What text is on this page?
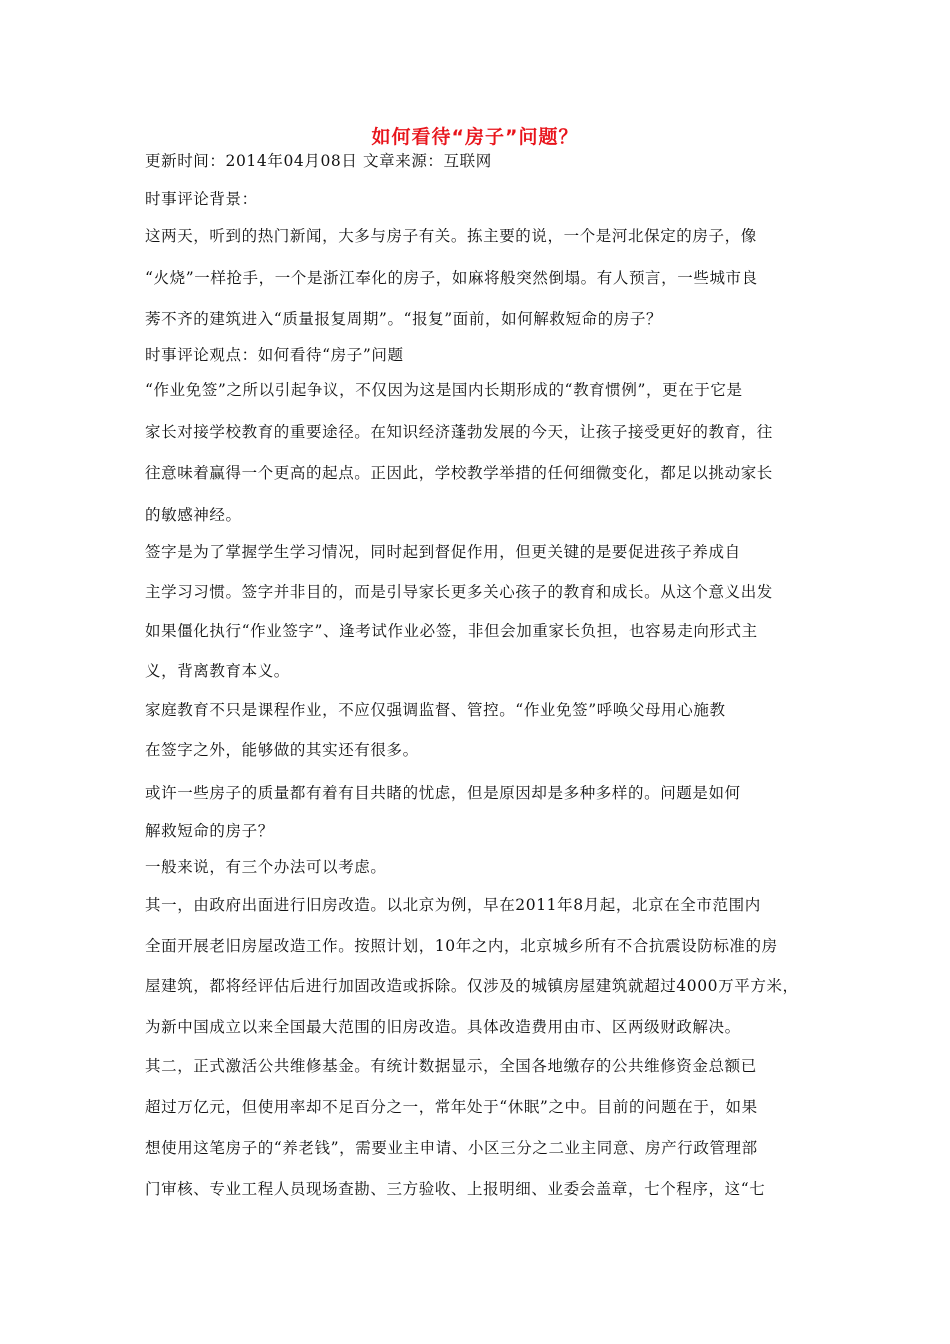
如何看待“房子”问题？
更新时间：2014年04月08日 文章来源：互联网
时事评论背景：
这两天，听到的热门新闻，大多与房子有关。拣主要的说，一个是河北保定的房子，像
“火烧”一样抢手，一个是浙江奉化的房子，如麻将般突然倒塌。有人预言，一些城市良
莠不齐的建筑进入“质量报复周期”。“报复”面前，如何解救短命的房子？
时事评论观点：如何看待“房子”问题
“作业免签”之所以引起争议，不仅因为这是国内长期形成的“教育惯例”，更在于它是
家长对接学校教育的重要途径。在知识经济蓬勃发展的今天，让孩子接受更好的教育，往
往意味着赢得一个更高的起点。正因此，学校教学举措的任何细微变化，都足以挑动家长
的敏感神经。
签字是为了掌握学生学习情况，同时起到督促作用，但更关键的是要促进孩子养成自
主学习习惯。签字并非目的，而是引导家长更多关心孩子的教育和成长。从这个意义出发
如果僵化执行“作业签字”、逢考试作业必签，非但会加重家长负担，也容易走向形式主
义，背离教育本义。
家庭教育不只是课程作业，不应仅强调监督、管控。“作业免签”呼唤父母用心施教
在签字之外，能够做的其实还有很多。
或许一些房子的质量都有着有目共睹的忧虑，但是原因却是多种多样的。问题是如何
解救短命的房子？
一般来说，有三个办法可以考虑。
其一，由政府出面进行旧房改造。以北京为例，早在2011年8月起，北京在全市范围内
全面开展老旧房屋改造工作。按照计划，10年之内，北京城乡所有不合抗震设防标准的房
屋建筑，都将经评估后进行加固改造或拆除。仅涉及的城镇房屋建筑就超过4000万平方米，
为新中国成立以来全国最大范围的旧房改造。具体改造费用由市、区两级财政解决。
其二，正式激活公共维修基金。有统计数据显示，全国各地缴存的公共维修资金总额已
超过万亿元，但使用率却不足百分之一，常年处于“休眠”之中。目前的问题在于，如果
想使用这笔房子的“养老钱”，需要业主申请、小区三分之二业主同意、房产行政管理部
门审核、专业工程人员现场查勘、三方验收、上报明细、业委会盖章，七个程序，这“七
